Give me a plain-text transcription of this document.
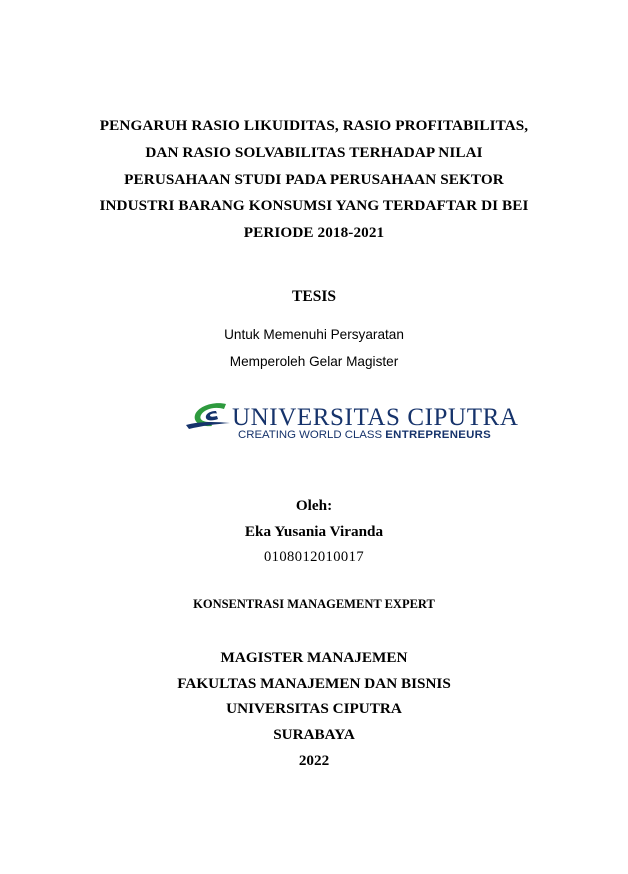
PENGARUH RASIO LIKUIDITAS, RASIO PROFITABILITAS,
DAN RASIO SOLVABILITAS TERHADAP NILAI
PERUSAHAAN STUDI PADA PERUSAHAAN SEKTOR
INDUSTRI BARANG KONSUMSI YANG TERDAFTAR DI BEI
PERIODE 2018-2021
TESIS
Untuk Memenuhi Persyaratan
Memperoleh Gelar Magister
UNIVERSITAS CIPUTRA
CREATING WORLD CLASS ENTREPRENEURS
Oleh:
Eka Yusania Viranda
0108012010017
KONSENTRASI MANAGEMENT EXPERT
MAGISTER MANAJEMEN
FAKULTAS MANAJEMEN DAN BISNIS
UNIVERSITAS CIPUTRA
SURABAYA
2022
